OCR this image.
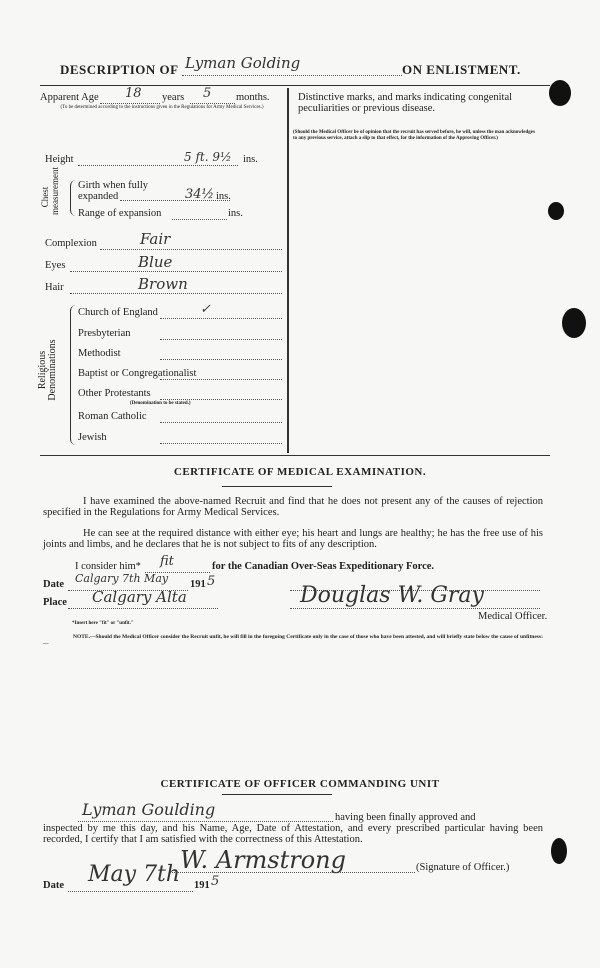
DESCRIPTION OF Lyman Golding	ON ENLISTMENT.
Apparent Age 18 years 5 months.
(To be determined according to the instructions given in the Regulations for Army Medical Services.)
Distinctive marks, and marks indicating congenital peculiarities or previous disease.
(Should the Medical Officer be of opinion that the recruit has served before, he will, unless the man acknowledges to any previous service, attach a slip to that effect, for the information of the Approving Officer.)
Height	5 ft. 9½ ins.
Chest measurement Girth when fully expanded	34½ ins.
Range of expansion	ins.
Complexion	Fair
Eyes	Blue
Hair	Brown
Religious Denominations
Church of England	✓
Presbyterian
Methodist
Baptist or Congregationalist
Other Protestants
(Denomination to be stated.)
Roman Catholic
Jewish
CERTIFICATE OF MEDICAL EXAMINATION.
I have examined the above-named Recruit and find that he does not present any of the causes of rejection specified in the Regulations for Army Medical Services.
He can see at the required distance with either eye; his heart and lungs are healthy; he has the free use of his joints and limbs, and he declares that he is not subject to fits of any description.
I consider him* fit	for the Canadian Over-Seas Expeditionary Force.
Date Calgary 7th May 191 5
Place Calgary Alta	Douglas W. Gray
Medical Officer.
*Insert here "fit" or "unfit."
NOTE.—Should the Medical Officer consider the Recruit unfit, he will fill in the foregoing Certificate only in the case of those who have been attested, and will briefly state below the cause of unfitness:—
CERTIFICATE OF OFFICER COMMANDING UNIT
Lyman Goulding	having been finally approved and
inspected by me this day, and his Name, Age, Date of Attestation, and every prescribed particular having been recorded, I certify that I am satisfied with the correctness of this Attestation.
W. Armstrong	(Signature of Officer.)
Date May 7th 191 5
